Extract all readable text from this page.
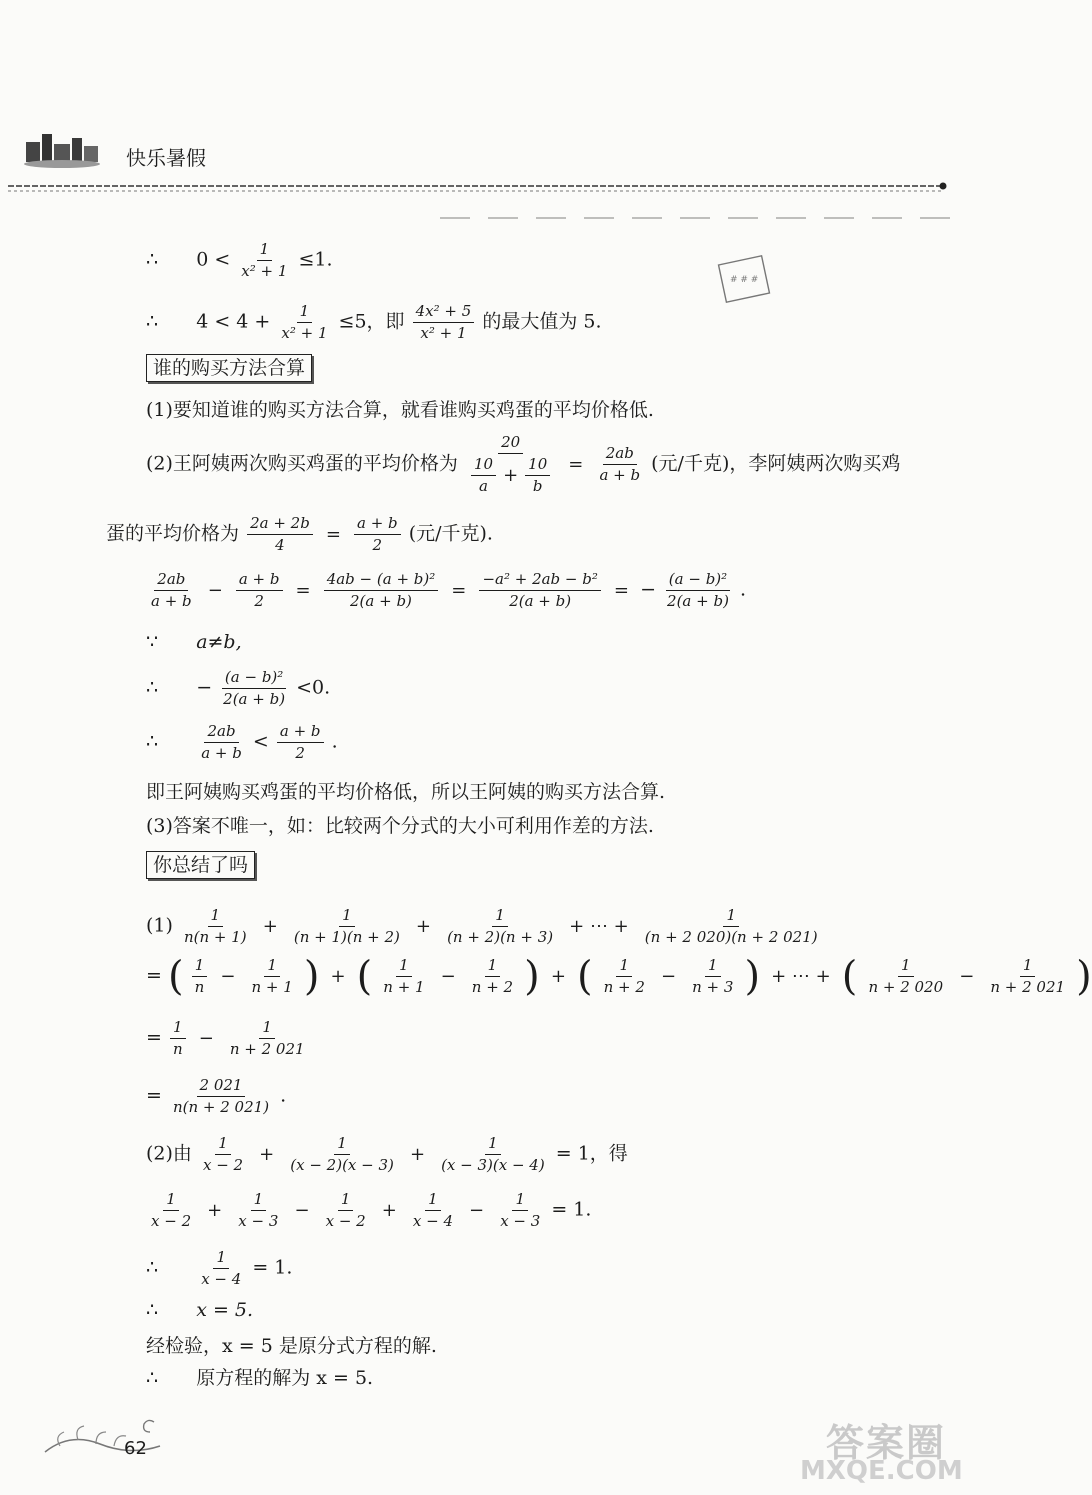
快乐暑假
# # #
∴ $0 < \frac{1}{\text{x² + 1}} \le 1$.
∴ $4 < 4 + \frac{1}{\text{x² + 1}} \le 5$，即 $\frac{\text{4x² + 5}}{\text{x² + 1}}$ 的最大值为 5.
谁的购买方法合算
(1)要知道谁的购买方法合算，就看谁购买鸡蛋的平均价格低.
(2)王阿姨两次购买鸡蛋的平均价格为 $\frac{20}{\frac{10}{a} + \frac{10}{b}} = \frac{2ab}{a + b}$ (元/千克)，李阿姨两次购买鸡
蛋的平均价格为 $\frac{2a + 2b}{4} = \frac{a + b}{2}$ (元/千克).
$\frac{2ab}{a + b} - \frac{a + b}{2} = \frac{\text{4ab − (a + b)²}}{2(a + b)} = \frac{\text{−a² + 2ab − b²}}{2(a + b)}$ = − $\frac{\text{(a − b)²}}{2(a + b)}$ .
∵ a≠b,
∴ − $\frac{\text{(a − b)²}}{2(a + b)} <0$.
∴	$\frac{2ab}{a + b} < \frac{a + b}{2}$ .
即王阿姨购买鸡蛋的平均价格低，所以王阿姨的购买方法合算.
(3)答案不唯一，如：比较两个分式的大小可利用作差的方法.
你总结了吗
$(1) \frac{1}{n(n + 1)} + \frac{1}{(n + 1)(n + 2)} + \frac{1}{(n + 2)(n + 3)}$ + ⋯ + $\frac{1}{(n + 2 020)(n + 2 021)}$
= ( $\frac{1}{n} - \frac{1}{n + 1}$ ) + ( $\frac{1}{n + 1} - \frac{1}{n + 2}$ ) + ( $\frac{1}{n + 2} - \frac{1}{n + 3}$ ) + ⋯ + ( $\frac{1}{n + 2 020} - \frac{1}{n + 2 021}$ )
= $\frac{1}{n} - \frac{1}{n + 2 021}$
= $\frac{2 021}{n(n + 2 021)}$ .
(2)由 $\frac{1}{x - 2} + \frac{1}{(x - 2)(x - 3)} + \frac{1}{(x - 3)(x - 4)} = 1$，得
$\frac{1}{x - 2} + \frac{1}{x - 3} - \frac{1}{x - 2} + \frac{1}{x - 4} - \frac{1}{x - 3} = 1$.
∴	$\frac{1}{x - 4} = 1$.
∴ x = 5.
经检验，x = 5 是原分式方程的解.
∴ 原方程的解为 x = 5.
62	答案圈
MXQE.COM
